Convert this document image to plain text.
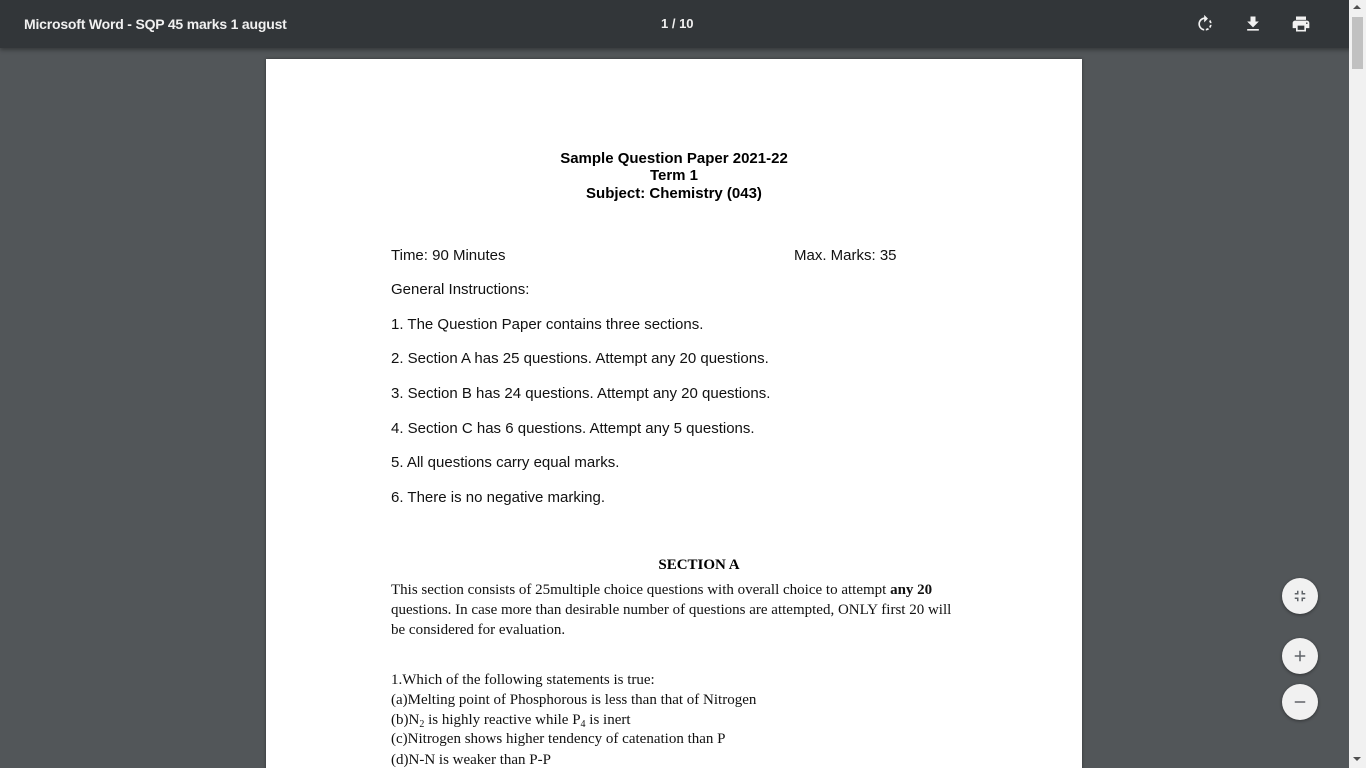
Microsoft Word - SQP 45 marks 1 august	1 / 10
Sample Question Paper 2021-22
Term 1
Subject: Chemistry (043)
Time: 90 Minutes	Max. Marks: 35
General Instructions:
1. The Question Paper contains three sections.
2. Section A has 25 questions. Attempt any 20 questions.
3. Section B has 24 questions. Attempt any 20 questions.
4. Section C has 6 questions. Attempt any 5 questions.
5. All questions carry equal marks.
6. There is no negative marking.
SECTION A
This section consists of 25multiple choice questions with overall choice to attempt any 20
questions. In case more than desirable number of questions are attempted, ONLY first 20 will
be considered for evaluation.
1.Which of the following statements is true:
(a)Melting point of Phosphorous is less than that of Nitrogen
$(b)N_2$ is highly reactive while $P_4$ is inert
(c)Nitrogen shows higher tendency of catenation than P
(d)N-N is weaker than P-P
